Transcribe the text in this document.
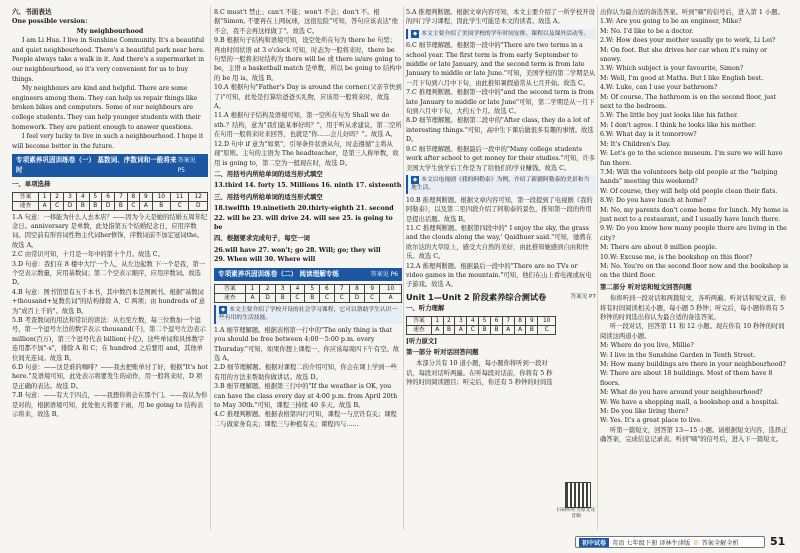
六、书面表达

One possible version：

My neighbourhood

I am Li Hua. I live in Sunshine Community. It's a beautiful and quiet neighbourhood. There's a beautiful park near here. People always take a walk in it. And there's a supermarket in our neighbourhood, so it's very convenient for us to buy things.

My neighbours are kind and helpful. There are some engineers among them. They can help us repair things like broken bikes and computers. Some of our neighbours are college students. They can help younger students with their homework. They are patient enough to answer questions.

I feel very lucky to live in such a neighbourhood. I hope it will become better in the future.

专项素养巩固训练卷（一） 基数词、序数词和一般将来时
答案见 P5

一、单项选择

答案	1	2	3	4	5	6	7	8	9	10	11	12
速查	A	C	D	B	B	D	B	C	A	B	C	D

1.A 句意：一移能为什么人去本店？——因为今天是她的结婚五周年纪念日。anniversary 是单数，此处指第五个结婚纪念日，应用序数词。因空前有形容词性物主代词her修饰，序数词前不加定冠词the。故选 A。

2.C 由常识可知，十月是一年中的第十个月。故选 C。

3.D 句意：我们在 8 楼中大厅一个人，从左边起数 下一个是我，第一个空表示数量，应用基数词；第二个空表示顺序，应用序数词。故选 D。

4.B 句意：图书馆里有五千本书，其中数百本是图画书。根据"基数词+thousand+复数名词"的结构排除 A、C 两项；由 hundreds of 意为"成百上千的"。故选 B。

5.B 考查数词的用法和常识的读法：从右至左数，每三位数加一个逗号，第一个逗号左边的数字表示 thousand(千)，第二个逗号左边表示 million(百万)，第三个逗号代表 billion(十亿)，这些单词和具体数字连用都不加"-s"，排除 A 和 C；在 hundred 之后要用 and，其他单位间无连词。故选 B。

6.D 句意：——这是谁的咖啡？——我去把账单付了好，根据"It's hot here."及语境可知，此处表示将要发生的动作，用一般将来时，D 项是正确的表达。故选 D。

7.B 句意：——有大于四点，——我想你将会在那个门。——我认为你是对的，根据语境可知，此处他天将要下雨，用 be going to 结构表示将来，故选 B。

8.C must't 禁止；can't 不能；won't 不会；don't 不。根据"Simon, 不要再在上网玩球，这很危险"可知，答句应该表达"他不会，我不会再这样做了"。故选 C。

9.B 根据句子结构和语境可知，设空处所在句为 there be 句型；再由时间状语 at 3 o'clock 可知，时态为一般将来时，there be 句型的一般将来时结构为 there will be 或 there is/are going to be，主语 a basketball match 是单数，所以 be going to 结构中的 be 用 is。故选 B。

10.A 根据句句"Father's Day is around the corner.(父亲节快到了)"可知，此处是打算给爸爸买礼物，应该用一般将来时，故选 A。

11.A 根据句子结构及语境可知，第一空所在句为 Shall we do sth.？结构，意为"我们能某事好吗？"，用于听从求建议，第二空所在句用一般将来时来回答，也就是"你……会儿好吗？"。故选 A。

12.D 句中 if 意为"如果"，引导条件状语从句，时态遵循"主将从现"原则。主句的主语为 The headteacher，是第三人称单数，故用 is going to，第二空为一般现在时，故选 D。

二、用括号内所给单词的适当形式填空

13.third 14. forty 15. Millions 16. ninth 17. sixteenth

三、用括号内所给单词的适当形式填空

18.twelfth 19.ninetieth 20.thirty-eighth 21. second

22. will be 23. will drive 24. will see 25. is going to be

四、根据要求完成句子，每空一词

26.will have 27. won't; go 28. Will; go; they will

29. When will 30. Where will

专项素养巩固训练卷（二） 阅读理解专练	答案见 P6
答案	1	2	3	4	5	6	7	8	9	10
速查	A	D	B	C	B	C	C	D	C	A
◆ 本文主要介绍了学校开设的社会学习课程，它可以帮助学生认识一些有用的生活技能。

1.A 细节理解题。根据表格第一行中的"The only thing is that you should be free between 4:00－5:00 p.m. every Thursday."可知，如果你想上课程一，你应该每周四下午有空。故选 A。

2.D 细节理解题。根据对课程二的介绍可知，你会在课上学到一些有用的方法来帮助你做讲话。故选 D。

3.B 细节理解题。根据第三行中的"If the weather is OK, you can have the class every day at 4:00 p.m. from April 20th to May 30th."可知，课程三持续 40 多天。故选 B。

4.C 推理判断题。根据表格第四行可知，课程一与烹饪有关；课程二与做家务有关；课程三与种植有关；课程四与……

5.A 推理判断题。根据文章内容可知，本文主要介绍了一所学校开设的四门学习课程，因此学生可能是本文的读者。故选 A。

◆ 本文主要介绍了美国学校的学年时间安排、课程以及课外活动等。

6.C 细节理解题。根据第一段中的"There are two terms in a school year. The first term is from early September to middle or late January, and the second term is from late January to middle or late June."可知，美国学校的第二学期是从一月下旬到六月中下旬，由此推知暑假通常从七月开始。故选 C。

7.C 推理判断题。根据第一段中的"and the second term is from late January to middle or late June"可知，第二学期是从一月下旬到六月中下旬，大约五个月。故选 C。

8.D 细节理解题。根据第二段中的"After class, they do a lot of interesting things."可知，高中生下课后做很多有趣的事情。故选 D。

9.C 细节理解题。根据最后一段中的"Many college students work after school to get money for their studies."可知，许多美国大学生放学后工作是为了给他们的学业赚钱。故选 C。

◆ 本文以电视剧《我的阿勒泰》为例，介绍了新疆阿勒泰的美景和当地生活。

10.B 推理判断题。根据文章内容可知，第一段提到了电视剧《我的阿勒泰》，以及第二至四段介绍了阿勒泰的景色，推知第一段的作用是提出话题。故选 B。

11.C 推理判断题。根据第四段中的" I enjoy the sky, the grass and the clouds along the way,' Qaidhuer said."可知，驰骋在欧尔达的大草原上，感受大自然的美好，由此推知她感到自由和快乐。故选 C。

12.A 推理判断题。根据最后一段中的"There are no TVs or video games in the mountain."可知，他们在山上看电视或玩电子游戏。故选 A。

Unit 1—Unit 2 阶段素养综合测试卷	答案见 P7

一、听力理解

答案	1	2	3	4	5	6	7	8	9	10
速查	A	B	A	C	B	B	A	A	B	C

[听力原文]

第一部分 听对话回答问题

本部分共有 10 道小题，每小题你将听到一段对话，每段对话听两遍。在听每段对话前，你将有 5 秒钟的时间阅读题目；听完后，你还有 5 秒钟的时间选

扫码听听力原文及音频

出你认为最合适的备选答案。听到"嘀"的信号后，进入第 1 小题。

1.W: Are you going to be an engineer, Mike?

M: No. I'd like to be a doctor.

2.W: How does your mother usually go to work, Li Lei?

M: On foot. But she drives her car when it's rainy or snowy.

3.W: Which subject is your favourite, Simon?

M: Well, I'm good at Maths. But I like English best.

4.W: Luke, can I use your bathroom?

M: Of course. The bathroom is on the second floor, just next to the bedroom.

5.W: The little boy just looks like his father.

M: I don't agree. I think he looks like his mother.

6.W: What day is it tomorrow?

M: It's Children's Day.

W: Let's go to the science museum. I'm sure we will have fun there.

7.M: Will the volunteers help old people at the "helping hands" meeting this weekend?

W: Of course, they will help old people clean their flats.

8.W: Do you have lunch at home?

M: No, my parents don't come home for lunch. My home is just next to a restaurant, and I usually have lunch there.

9.W: Do you know how many people there are living in the city?

M: There are about 8 million people.

10.W: Excuse me, is the bookshop on this floor?

M: No. You're on the second floor now and the bookshop is on the third floor.

第二部分 听对话和短文回答问题

你将听到一段对话和两篇短文，各听两遍。听对话和短文前，你将有时间阅读相关小题，每小题 5 秒钟；听完后，每小题你将有 5 秒钟的时间选出你认为最合适的备选答案。

听一段对话，回答第 11 和 12 小题。现在你有 10 秒钟的时间阅读这两道小题。

M: Where do you live, Millie?

W: I live in the Sunshine Garden in Tenth Street.

M: How many buildings are there in your neighbourhood?

W: There are about 18 buildings. Most of them have 8 floors.

M: What do you have around your neighbourhood?

W: We have a shopping mall, a bookshop and a hospital.

M: Do you like living there?

W: Yes. It's a great place to live.

听第一篇短文，回答第 13—15 小题。请根据短文内容，选择正确答案，完成信息记录表。听到"嘀"的信号后，进入下一篇短文。

初中试卷 英语 七年级下册 译林牛津版 ◎ 答案全解全析	51
